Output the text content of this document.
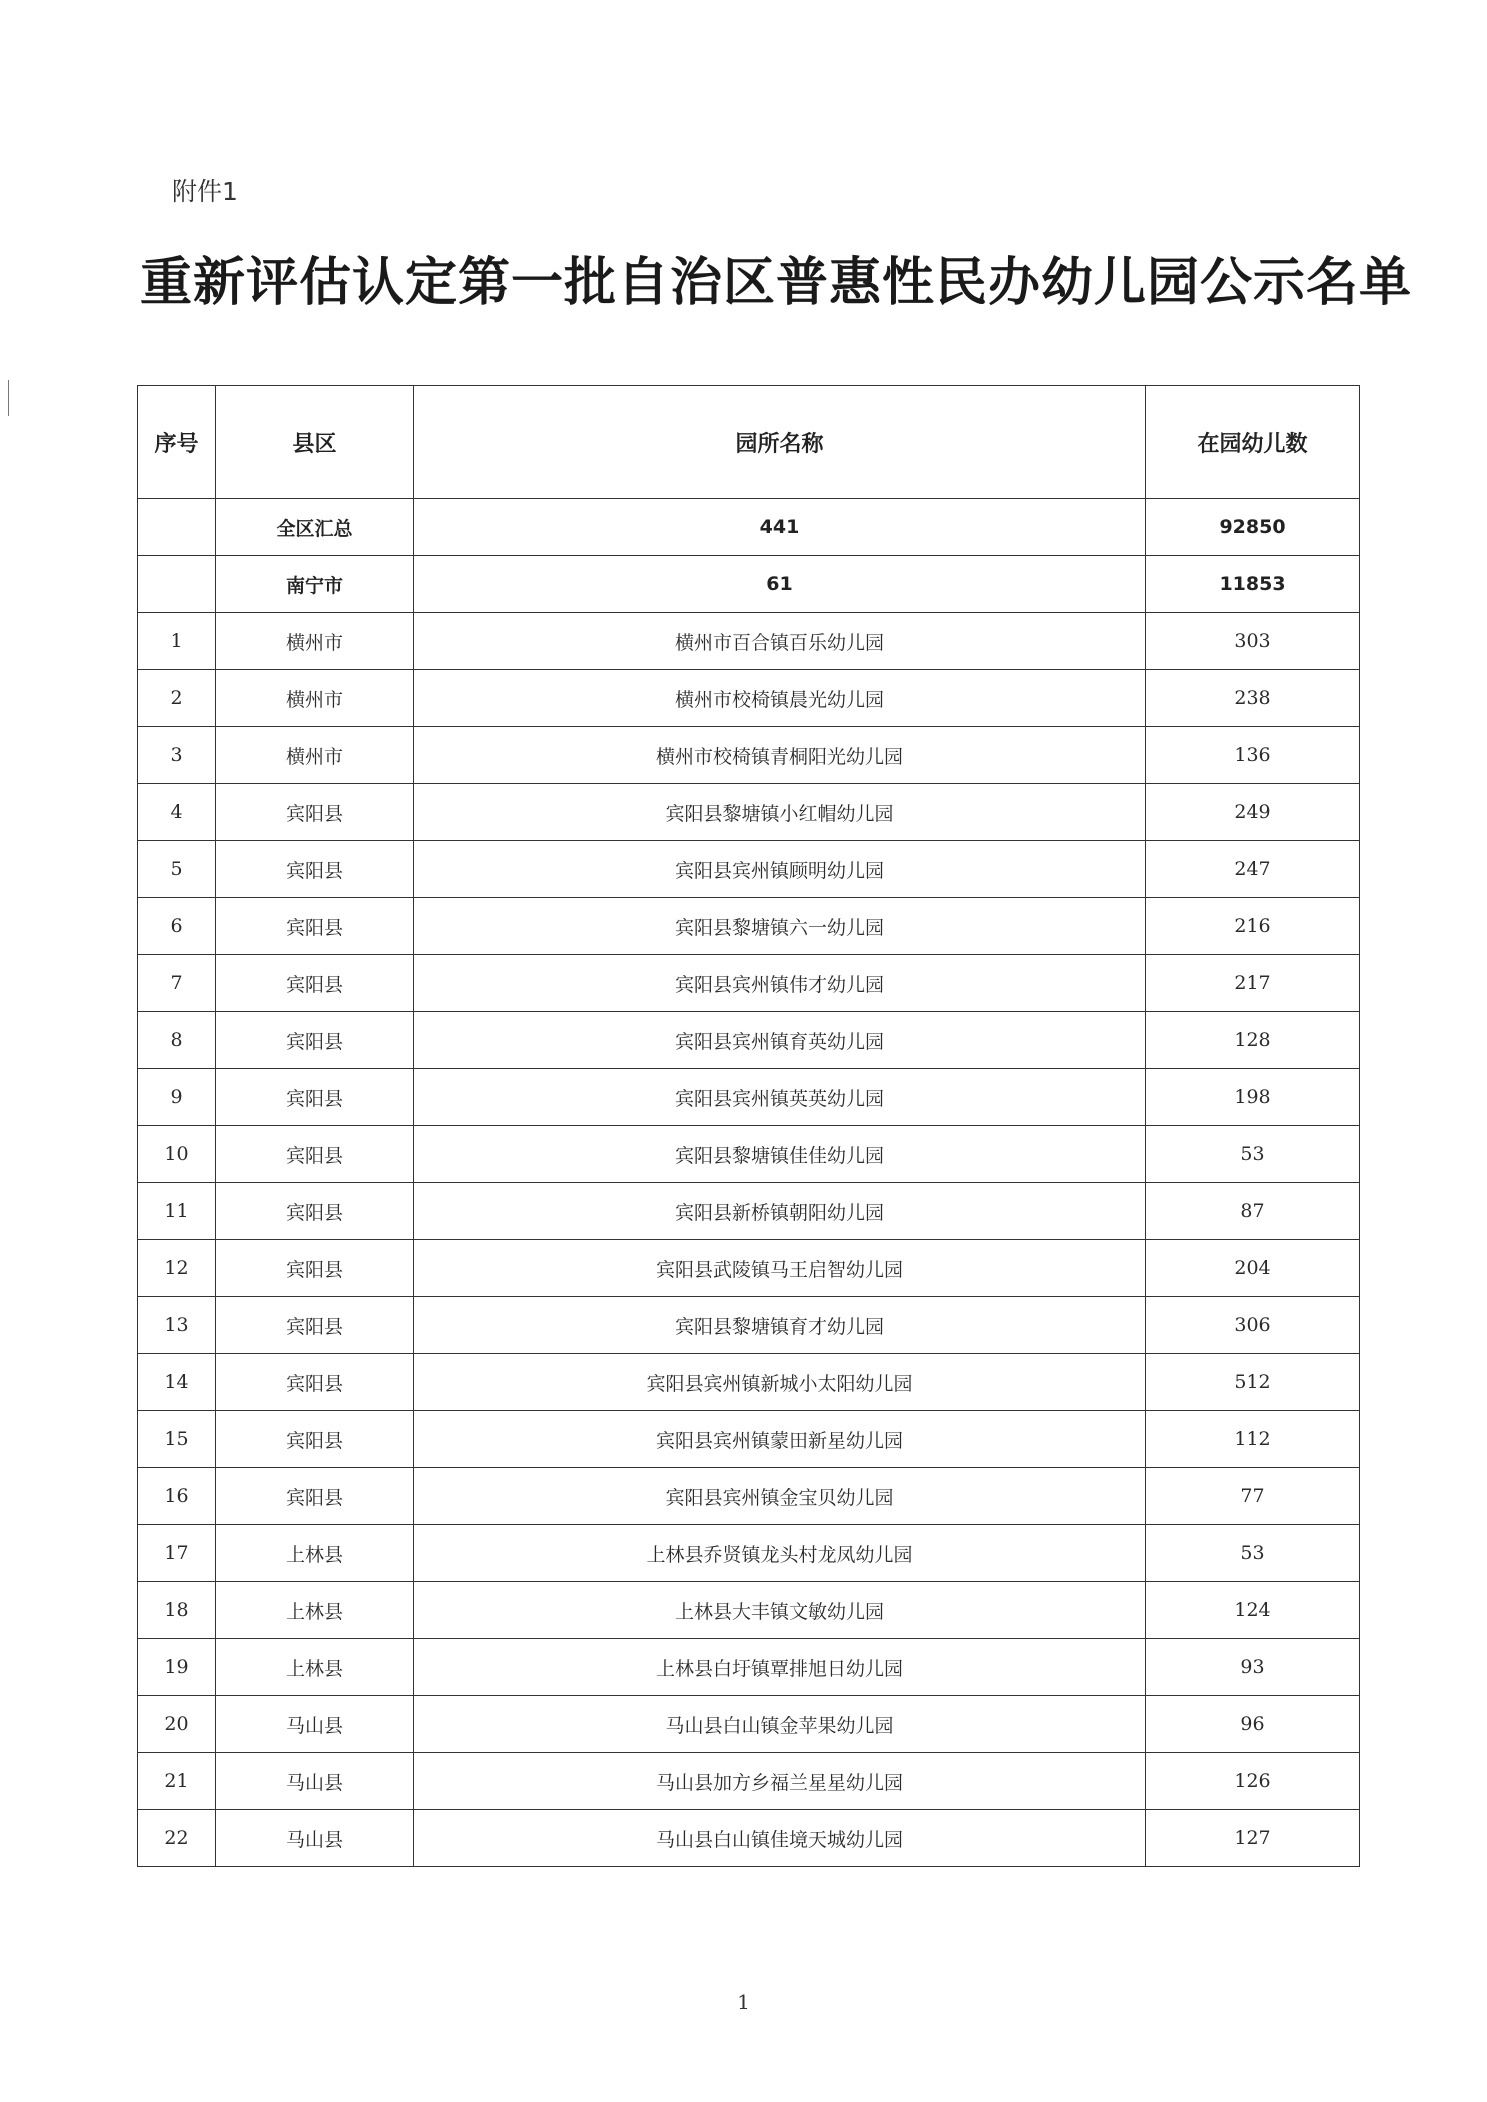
附件1
重新评估认定第一批自治区普惠性民办幼儿园公示名单
序号	县区	园所名称	在园幼儿数
	全区汇总	441	92850
	南宁市	61	11853
1	横州市	横州市百合镇百乐幼儿园	303
2	横州市	横州市校椅镇晨光幼儿园	238
3	横州市	横州市校椅镇青桐阳光幼儿园	136
4	宾阳县	宾阳县黎塘镇小红帽幼儿园	249
5	宾阳县	宾阳县宾州镇顾明幼儿园	247
6	宾阳县	宾阳县黎塘镇六一幼儿园	216
7	宾阳县	宾阳县宾州镇伟才幼儿园	217
8	宾阳县	宾阳县宾州镇育英幼儿园	128
9	宾阳县	宾阳县宾州镇英英幼儿园	198
10	宾阳县	宾阳县黎塘镇佳佳幼儿园	53
11	宾阳县	宾阳县新桥镇朝阳幼儿园	87
12	宾阳县	宾阳县武陵镇马王启智幼儿园	204
13	宾阳县	宾阳县黎塘镇育才幼儿园	306
14	宾阳县	宾阳县宾州镇新城小太阳幼儿园	512
15	宾阳县	宾阳县宾州镇蒙田新星幼儿园	112
16	宾阳县	宾阳县宾州镇金宝贝幼儿园	77
17	上林县	上林县乔贤镇龙头村龙凤幼儿园	53
18	上林县	上林县大丰镇文敏幼儿园	124
19	上林县	上林县白圩镇覃排旭日幼儿园	93
20	马山县	马山县白山镇金苹果幼儿园	96
21	马山县	马山县加方乡福兰星星幼儿园	126
22	马山县	马山县白山镇佳境天城幼儿园	127
1
